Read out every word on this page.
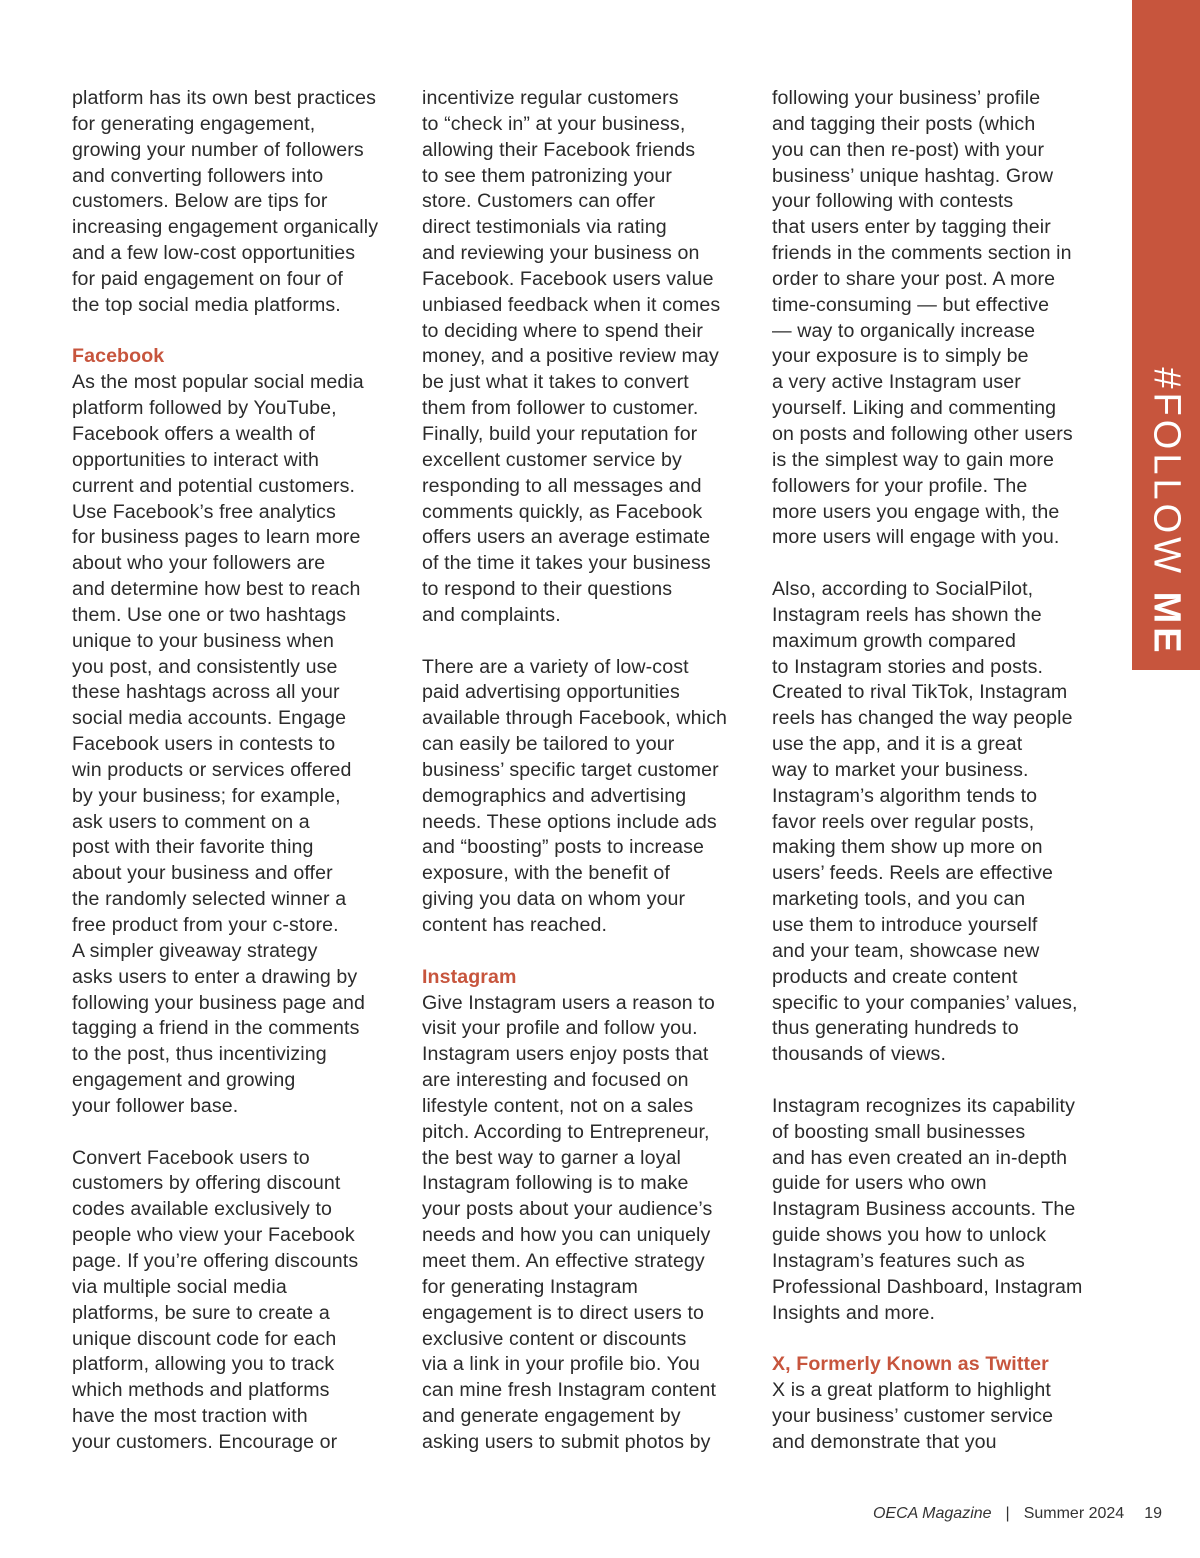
platform has its own best practices
for generating engagement,
growing your number of followers
and converting followers into
customers. Below are tips for
increasing engagement organically
and a few low-cost opportunities
for paid engagement on four of
the top social media platforms.

Facebook

As the most popular social media
platform followed by YouTube,
Facebook offers a wealth of
opportunities to interact with
current and potential customers.
Use Facebook’s free analytics
for business pages to learn more
about who your followers are
and determine how best to reach
them. Use one or two hashtags
unique to your business when
you post, and consistently use
these hashtags across all your
social media accounts. Engage
Facebook users in contests to
win products or services offered
by your business; for example,
ask users to comment on a
post with their favorite thing
about your business and offer
the randomly selected winner a
free product from your c-store.
A simpler giveaway strategy
asks users to enter a drawing by
following your business page and
tagging a friend in the comments
to the post, thus incentivizing
engagement and growing
your follower base.

Convert Facebook users to
customers by offering discount
codes available exclusively to
people who view your Facebook
page. If you’re offering discounts
via multiple social media
platforms, be sure to create a
unique discount code for each
platform, allowing you to track
which methods and platforms
have the most traction with
your customers. Encourage or

incentivize regular customers
to “check in” at your business,
allowing their Facebook friends
to see them patronizing your
store. Customers can offer
direct testimonials via rating
and reviewing your business on
Facebook. Facebook users value
unbiased feedback when it comes
to deciding where to spend their
money, and a positive review may
be just what it takes to convert
them from follower to customer.
Finally, build your reputation for
excellent customer service by
responding to all messages and
comments quickly, as Facebook
offers users an average estimate
of the time it takes your business
to respond to their questions
and complaints.

There are a variety of low-cost
paid advertising opportunities
available through Facebook, which
can easily be tailored to your
business’ specific target customer
demographics and advertising
needs. These options include ads
and “boosting” posts to increase
exposure, with the benefit of
giving you data on whom your
content has reached.

Instagram

Give Instagram users a reason to
visit your profile and follow you.
Instagram users enjoy posts that
are interesting and focused on
lifestyle content, not on a sales
pitch. According to Entrepreneur,
the best way to garner a loyal
Instagram following is to make
your posts about your audience’s
needs and how you can uniquely
meet them. An effective strategy
for generating Instagram
engagement is to direct users to
exclusive content or discounts
via a link in your profile bio. You
can mine fresh Instagram content
and generate engagement by
asking users to submit photos by

following your business’ profile
and tagging their posts (which
you can then re-post) with your
business’ unique hashtag. Grow
your following with contests
that users enter by tagging their
friends in the comments section in
order to share your post. A more
time-consuming — but effective
— way to organically increase
your exposure is to simply be
a very active Instagram user
yourself. Liking and commenting
on posts and following other users
is the simplest way to gain more
followers for your profile. The
more users you engage with, the
more users will engage with you.

Also, according to SocialPilot,
Instagram reels has shown the
maximum growth compared
to Instagram stories and posts.
Created to rival TikTok, Instagram
reels has changed the way people
use the app, and it is a great
way to market your business.
Instagram’s algorithm tends to
favor reels over regular posts,
making them show up more on
users’ feeds. Reels are effective
marketing tools, and you can
use them to introduce yourself
and your team, showcase new
products and create content
specific to your companies’ values,
thus generating hundreds to
thousands of views.

Instagram recognizes its capability
of boosting small businesses
and has even created an in-depth
guide for users who own
Instagram Business accounts. The
guide shows you how to unlock
Instagram’s features such as
Professional Dashboard, Instagram
Insights and more.

X, Formerly Known as Twitter

X is a great platform to highlight
your business’ customer service
and demonstrate that you

#FOLLOW ME
OECA Magazine | Summer 2024 19
